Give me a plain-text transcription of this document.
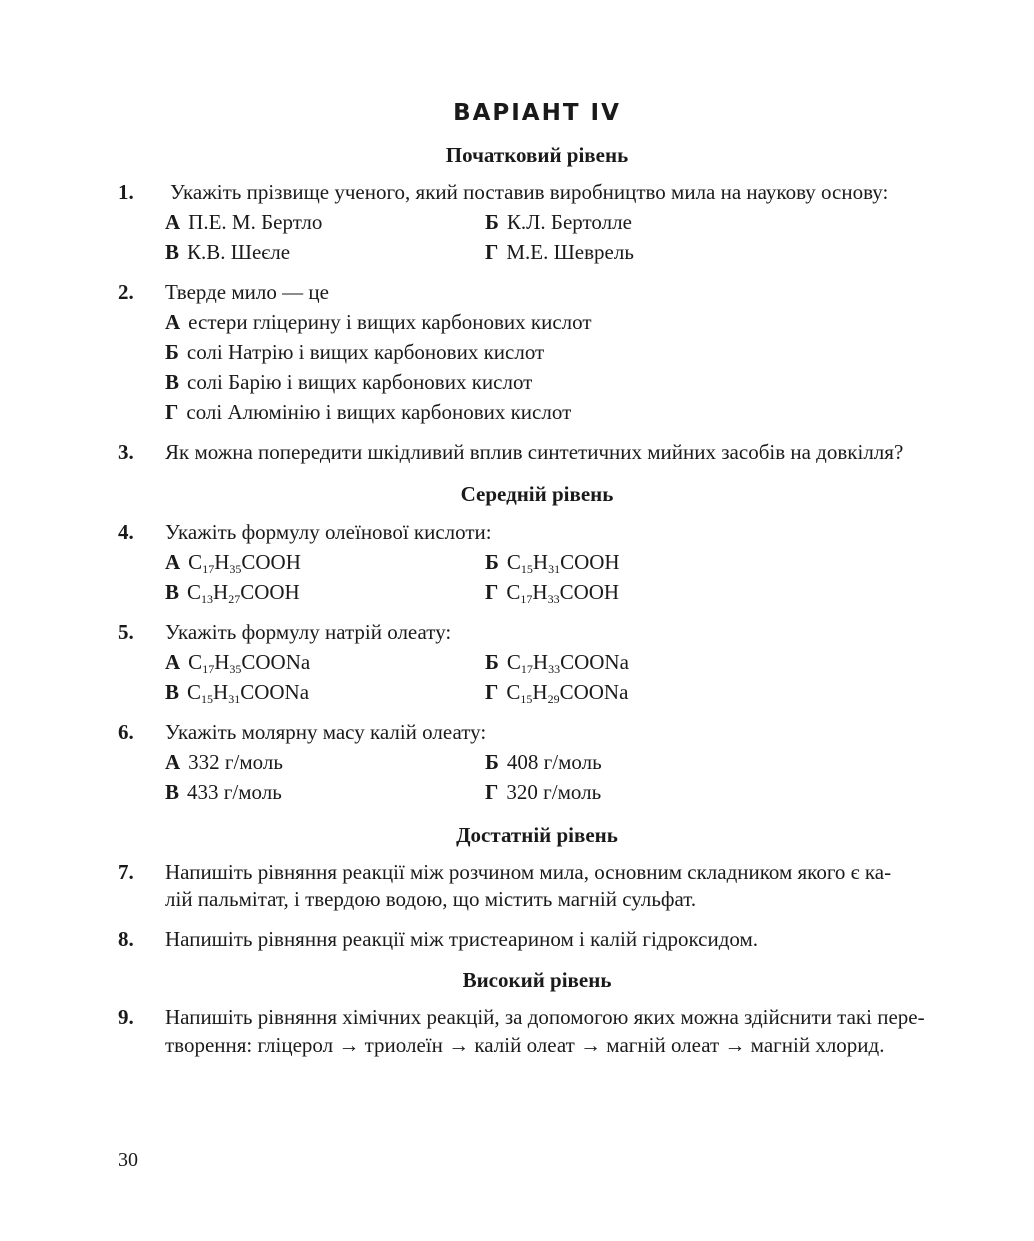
ВАРІАНТ IV
Початковий рівень
1. Укажіть прізвище ученого, який поставив виробництво мила на наукову основу:
А П.Е. М. Бертло	Б К.Л. Бертолле
В К.В. Шеєле	Г М.Е. Шеврель
2. Тверде мило — це
А естери гліцерину і вищих карбонових кислот
Б солі Натрію і вищих карбонових кислот
В солі Барію і вищих карбонових кислот
Г солі Алюмінію і вищих карбонових кислот
3. Як можна попередити шкідливий вплив синтетичних мийних засобів на довкілля?
Середній рівень
4. Укажіть формулу олеїнової кислоти:
А $C_{17}H_{35}COOH$	Б $C_{15}H_{31}COOH$
В $C_{13}H_{27}COOH$	Г $C_{17}H_{33}COOH$
5. Укажіть формулу натрій олеату:
А $C_{17}H_{35}COONa$	Б $C_{17}H_{33}COONa$
В $C_{15}H_{31}COONa$	Г $C_{15}H_{29}COONa$
6. Укажіть молярну масу калій олеату:
А 332 г/моль	Б 408 г/моль
В 433 г/моль	Г 320 г/моль
Достатній рівень
7. Напишіть рівняння реакції між розчином мила, основним складником якого є ка-
лій пальмітат, і твердою водою, що містить магній сульфат.
8. Напишіть рівняння реакції між тристеарином і калій гідроксидом.
Високий рівень
9. Напишіть рівняння хімічних реакцій, за допомогою яких можна здійснити такі пере-
творення: гліцерол → триолеїн → калій олеат → магній олеат → магній хлорид.
30
